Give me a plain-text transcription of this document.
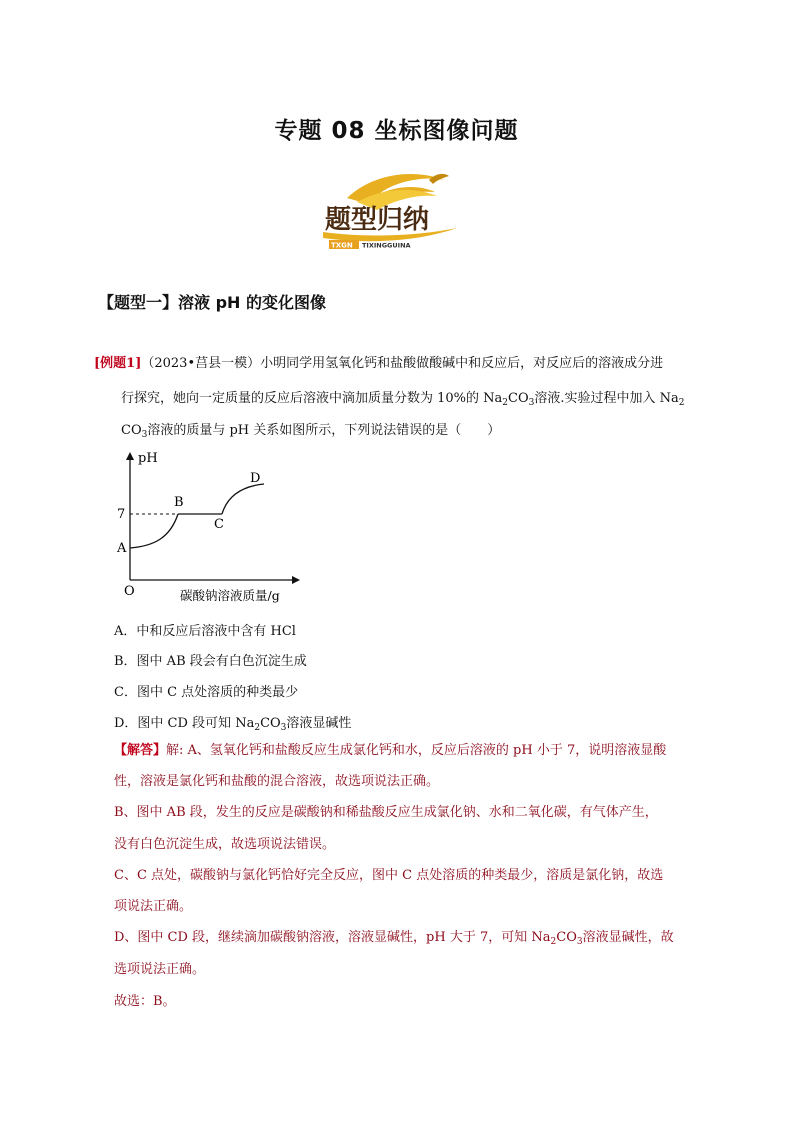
专题 08 坐标图像问题
题型归纳
TXGN TIXINGGUINA
【题型一】溶液 pH 的变化图像
[例题1]（2023•莒县一模）小明同学用氢氧化钙和盐酸做酸碱中和反应后，对反应后的溶液成分进
行探究，她向一定质量的反应后溶液中滴加质量分数为 10%的 $Na_2CO_3$溶液.实验过程中加入 $Na_2$
$CO_3$溶液的质量与 pH 关系如图所示，下列说法错误的是（　　）
pH
7
A
B
C
D
O	碳酸钠溶液质量/g
A．中和反应后溶液中含有 HCl
B．图中 AB 段会有白色沉淀生成
C．图中 C 点处溶质的种类最少
D．图中 CD 段可知 $Na_2CO_3$溶液显碱性
【解答】解: A、氢氧化钙和盐酸反应生成氯化钙和水，反应后溶液的 pH 小于 7，说明溶液显酸
性，溶液是氯化钙和盐酸的混合溶液，故选项说法正确。
B、图中 AB 段，发生的反应是碳酸钠和稀盐酸反应生成氯化钠、水和二氧化碳，有气体产生，
没有白色沉淀生成，故选项说法错误。
C、C 点处，碳酸钠与氯化钙恰好完全反应，图中 C 点处溶质的种类最少，溶质是氯化钠，故选
项说法正确。
D、图中 CD 段，继续滴加碳酸钠溶液，溶液显碱性，pH 大于 7，可知 $Na_2CO_3$溶液显碱性，故
选项说法正确。
故选：B。
